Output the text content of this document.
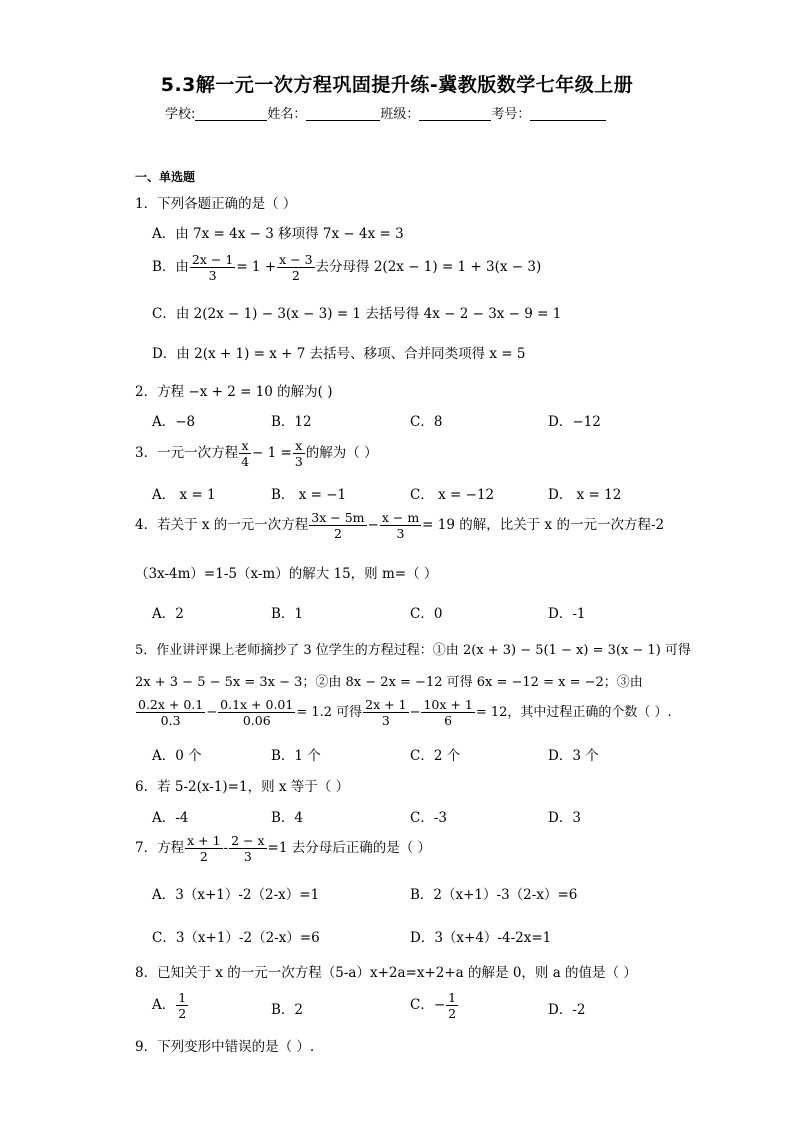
5.3解一元一次方程巩固提升练-冀教版数学七年级上册
学校:	姓名：	班级：	考号：
一、单选题
1．下列各题正确的是（ ）
A．由 7x = 4x − 3 移项得 7x − 4x = 3
B．由 $\frac{2x - 1}{3} = 1 + \frac{x - 3}{2}$ 去分母得 2(2x − 1) = 1 + 3(x − 3)
C．由 2(2x − 1) − 3(x − 3) = 1 去括号得 4x − 2 − 3x − 9 = 1
D．由 2(x + 1) = x + 7 去括号、移项、合并同类项得 x = 5
2．方程 −x + 2 = 10 的解为( )
A．−8	B．12	C．8	D．−12
3．一元一次方程 $\frac{x}{4} - 1 = \frac{x}{3}$ 的解为（ ）
A． x = 1	B． x = −1	C． x = −12	D． x = 12
4．若关于 x 的一元一次方程 $\frac{3x - 5m}{2} - \frac{x - m}{3} = 19$ 的解，比关于 x 的一元一次方程-2
（3x-4m）=1-5（x-m）的解大 15，则 m=（ ）
A．2	B．1	C．0	D．-1
5．作业讲评课上老师摘抄了 3 位学生的方程过程：①由 2(x + 3) − 5(1 − x) = 3(x − 1) 可得
2x + 3 − 5 − 5x = 3x − 3；②由 8x − 2x = −12 可得 6x = −12 = x = −2；③由
$\frac{0.2x + 0.1}{0.3} - \frac{0.1x + 0.01}{0.06} = 1.2$ 可得 $\frac{2x + 1}{3} - \frac{10x + 1}{6} = 12$，其中过程正确的个数（ ）.
A．0 个	B．1 个	C．2 个	D．3 个
6．若 5-2(x-1)=1，则 x 等于（ ）
A．-4	B．4	C．-3	D．3
7．方程 $\frac{x + 1}{2} - \frac{2 - x}{3} =1$ 去分母后正确的是（ ）
A．3（x+1）-2（2-x）=1	B．2（x+1）-3（2-x）=6
C．3（x+1）-2（2-x）=6	D．3（x+4）-4-2x=1
8．已知关于 x 的一元一次方程（5-a）x+2a=x+2+a 的解是 0，则 a 的值是（ ）
A． $\frac{1}{2}$	B．2	C．− $\frac{1}{2}$	D．-2
9．下列变形中错误的是（ ）.
